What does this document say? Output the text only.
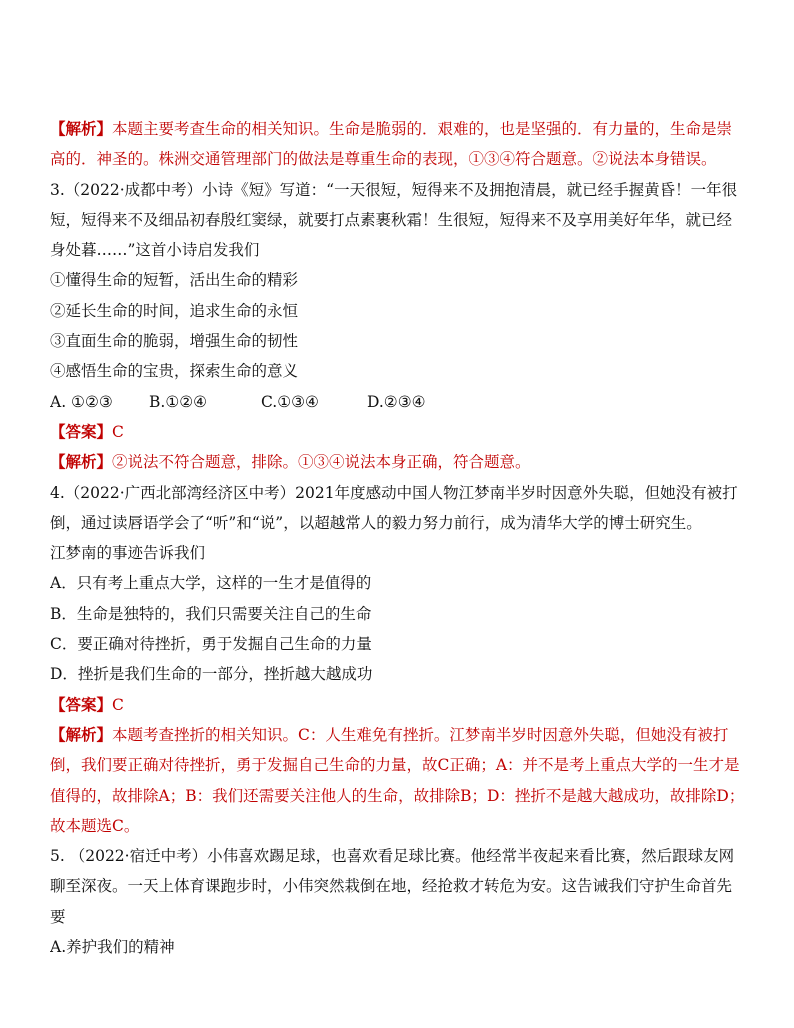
【解析】本题主要考查生命的相关知识。生命是脆弱的．艰难的，也是坚强的．有力量的，生命是崇
高的．神圣的。株洲交通管理部门的做法是尊重生命的表现，①③④符合题意。②说法本身错误。
3.（2022·成都中考）小诗《短》写道：“一天很短，短得来不及拥抱清晨，就已经手握黄昏！一年很
短，短得来不及细品初春殷红窦绿，就要打点素裹秋霜！生很短，短得来不及享用美好年华，就已经
身处暮……”这首小诗启发我们
①懂得生命的短暂，活出生命的精彩
②延长生命的时间，追求生命的永恒
③直面生命的脆弱，增强生命的韧性
④感悟生命的宝贵，探索生命的意义
A. ①②③ B.①②④	C.①③④	D.②③④
【答案】C
【解析】②说法不符合题意，排除。①③④说法本身正确，符合题意。
4.（2022·广西北部湾经济区中考）2021年度感动中国人物江梦南半岁时因意外失聪，但她没有被打
倒，通过读唇语学会了“听”和“说”，以超越常人的毅力努力前行，成为清华大学的博士研究生。
江梦南的事迹告诉我们
A．只有考上重点大学，这样的一生才是值得的
B．生命是独特的，我们只需要关注自己的生命
C．要正确对待挫折，勇于发掘自己生命的力量
D．挫折是我们生命的一部分，挫折越大越成功
【答案】C
【解析】本题考查挫折的相关知识。C：人生难免有挫折。江梦南半岁时因意外失聪，但她没有被打
倒，我们要正确对待挫折，勇于发掘自己生命的力量，故C正确；A：并不是考上重点大学的一生才是
值得的，故排除A；B：我们还需要关注他人的生命，故排除B；D：挫折不是越大越成功，故排除D；
故本题选C。
5. （2022·宿迁中考）小伟喜欢踢足球，也喜欢看足球比赛。他经常半夜起来看比赛，然后跟球友网
聊至深夜。一天上体育课跑步时，小伟突然栽倒在地，经抢救才转危为安。这告诫我们守护生命首先
要
A.养护我们的精神
